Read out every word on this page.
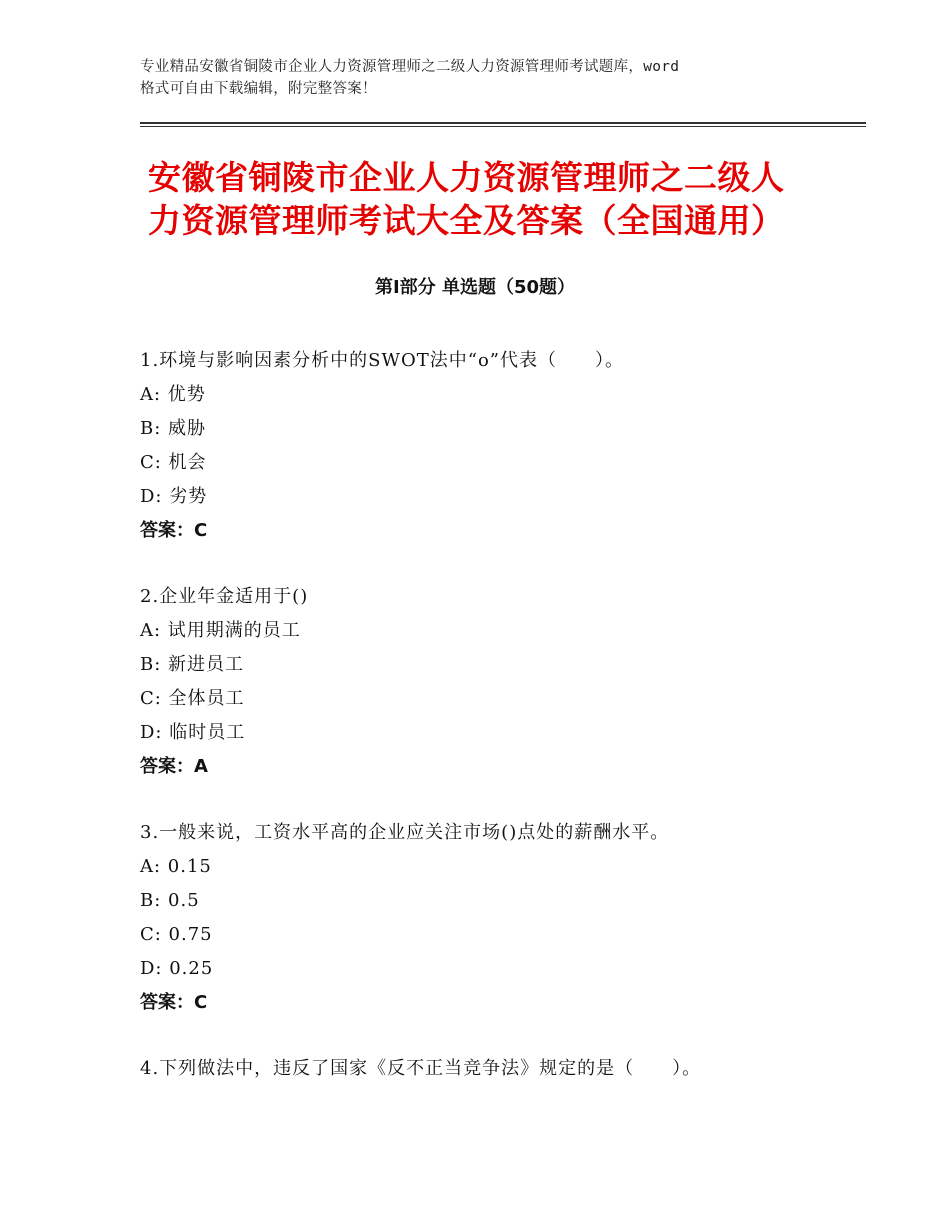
专业精品安徽省铜陵市企业人力资源管理师之二级人力资源管理师考试题库，word
格式可自由下载编辑，附完整答案！
安徽省铜陵市企业人力资源管理师之二级人
力资源管理师考试大全及答案（全国通用）
第Ⅰ部分 单选题（50题）
1.环境与影响因素分析中的SWOT法中“o”代表（　　）。
A: 优势
B: 威胁
C: 机会
D: 劣势
答案：C
2.企业年金适用于()
A: 试用期满的员工
B: 新进员工
C: 全体员工
D: 临时员工
答案：A
3.一般来说，工资水平高的企业应关注市场()点处的薪酬水平。
A: 0.15
B: 0.5
C: 0.75
D: 0.25
答案：C
4.下列做法中，违反了国家《反不正当竞争法》规定的是（　　）。
